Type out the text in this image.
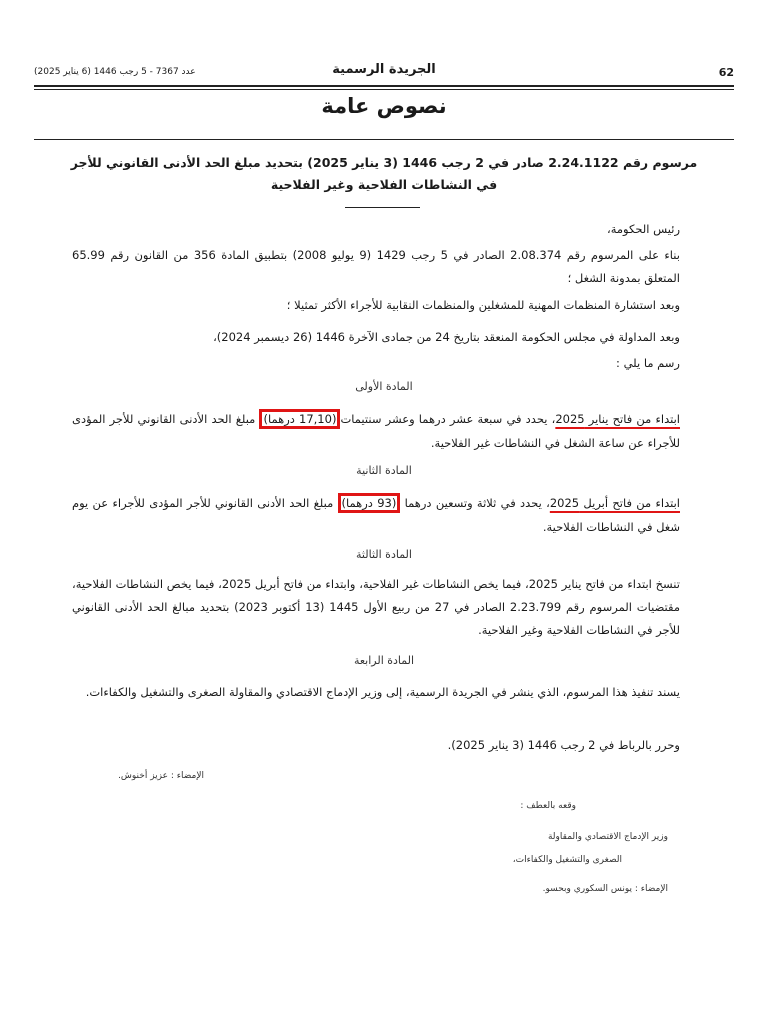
62
الجريدة الرسمية
عدد 7367 - 5 رجب 1446 (6 يناير 2025)
نصوص عامة
مرسوم رقم 2.24.1122 صادر في 2 رجب 1446 (3 يناير 2025) بتحديد مبلغ الحد الأدنى القانوني للأجر
في النشاطات الفلاحية وغير الفلاحية
رئيس الحكومة،
بناء على المرسوم رقم 2.08.374 الصادر في 5 رجب 1429 (9 يوليو 2008) بتطبيق المادة 356 من القانون رقم 65.99 المتعلق بمدونة الشغل ؛
وبعد استشارة المنظمات المهنية للمشغلين والمنظمات النقابية للأجراء الأكثر تمثيلا ؛
وبعد المداولة في مجلس الحكومة المنعقد بتاريخ 24 من جمادى الآخرة 1446 (26 ديسمبر 2024)،
رسم ما يلي :
المادة الأولى
ابتداء من فاتح يناير 2025، يحدد في سبعة عشر درهما وعشر سنتيمات(17,10 درهما) مبلغ الحد الأدنى القانوني للأجر المؤدى للأجراء عن ساعة الشغل في النشاطات غير الفلاحية.
المادة الثانية
ابتداء من فاتح أبريل 2025، يحدد في ثلاثة وتسعين درهما (93 درهما) مبلغ الحد الأدنى القانوني للأجر المؤدى للأجراء عن يوم شغل في النشاطات الفلاحية.
المادة الثالثة
تنسخ ابتداء من فاتح يناير 2025، فيما يخص النشاطات غير الفلاحية، وابتداء من فاتح أبريل 2025، فيما يخص النشاطات الفلاحية، مقتضيات المرسوم رقم 2.23.799 الصادر في 27 من ربيع الأول 1445 (13 أكتوبر 2023) بتحديد مبالغ الحد الأدنى القانوني للأجر في النشاطات الفلاحية وغير الفلاحية.
المادة الرابعة
يسند تنفيذ هذا المرسوم، الذي ينشر في الجريدة الرسمية، إلى وزير الإدماج الاقتصادي والمقاولة الصغرى والتشغيل والكفاءات.
وحرر بالرباط في 2 رجب 1446 (3 يناير 2025).
الإمضاء : عزيز أخنوش.
وقعه بالعطف :
وزير الإدماج الاقتصادي والمقاولة
الصغرى والتشغيل والكفاءات،
الإمضاء : يونس السكوري وبحسو.
